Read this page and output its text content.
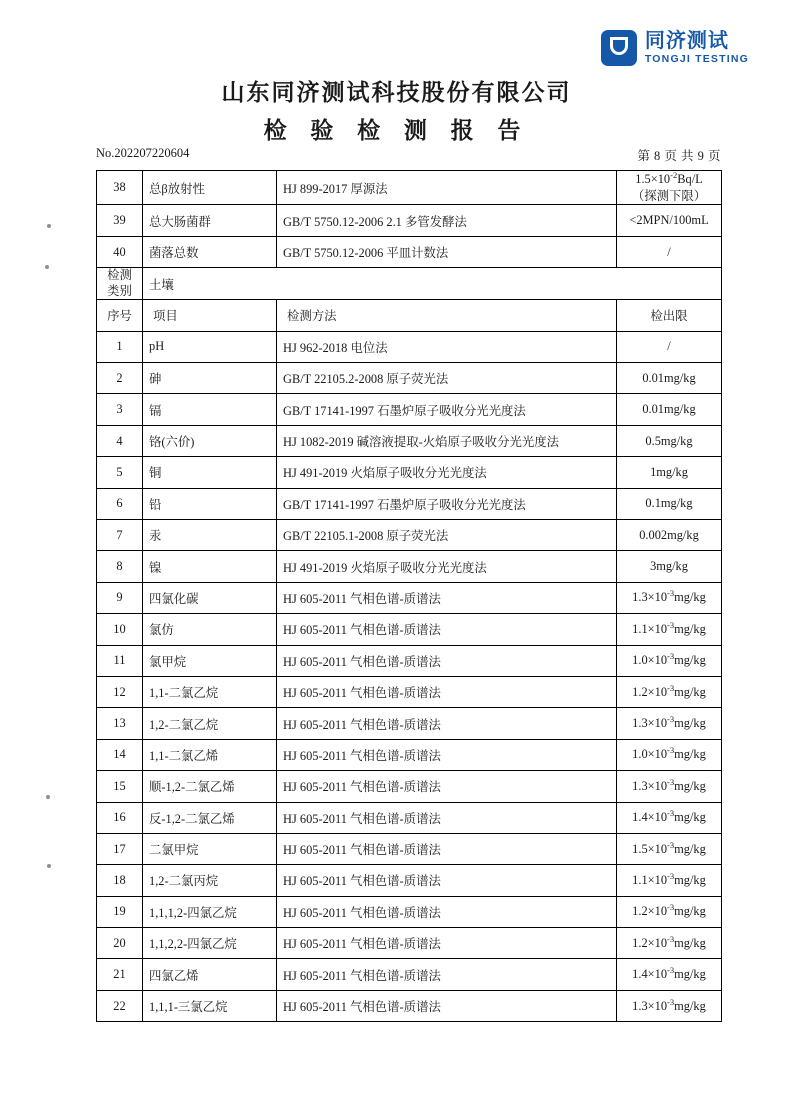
同济测试
TONGJI TESTING
山东同济测试科技股份有限公司
检 验 检 测 报 告
No.202207220604	第 8 页 共 9 页
38	总β放射性	HJ 899-2017 厚源法	$1.5\times 10^{-2}Bq/L$
（探测下限）
39	总大肠菌群	GB/T 5750.12-2006 2.1 多管发酵法	<2MPN/100mL
40	菌落总数	GB/T 5750.12-2006 平皿计数法	/
检测
类别	土壤		
序号	项目	检测方法	检出限
1	pH	HJ 962-2018 电位法	/
2	砷	GB/T 22105.2-2008 原子荧光法	0.01mg/kg
3	镉	GB/T 17141-1997 石墨炉原子吸收分光光度法	0.01mg/kg
4	铬(六价)	HJ 1082-2019 碱溶液提取-火焰原子吸收分光光度法	0.5mg/kg
5	铜	HJ 491-2019 火焰原子吸收分光光度法	1mg/kg
6	铅	GB/T 17141-1997 石墨炉原子吸收分光光度法	0.1mg/kg
7	汞	GB/T 22105.1-2008 原子荧光法	0.002mg/kg
8	镍	HJ 491-2019 火焰原子吸收分光光度法	3mg/kg
9	四氯化碳	HJ 605-2011 气相色谱-质谱法	$1.3\times 10^{-3}mg/kg$
10	氯仿	HJ 605-2011 气相色谱-质谱法	$1.1\times 10^{-3}mg/kg$
11	氯甲烷	HJ 605-2011 气相色谱-质谱法	$1.0\times 10^{-3}mg/kg$
12	1,1-二氯乙烷	HJ 605-2011 气相色谱-质谱法	$1.2\times 10^{-3}mg/kg$
13	1,2-二氯乙烷	HJ 605-2011 气相色谱-质谱法	$1.3\times 10^{-3}mg/kg$
14	1,1-二氯乙烯	HJ 605-2011 气相色谱-质谱法	$1.0\times 10^{-3}mg/kg$
15	顺-1,2-二氯乙烯	HJ 605-2011 气相色谱-质谱法	$1.3\times 10^{-3}mg/kg$
16	反-1,2-二氯乙烯	HJ 605-2011 气相色谱-质谱法	$1.4\times 10^{-3}mg/kg$
17	二氯甲烷	HJ 605-2011 气相色谱-质谱法	$1.5\times 10^{-3}mg/kg$
18	1,2-二氯丙烷	HJ 605-2011 气相色谱-质谱法	$1.1\times 10^{-3}mg/kg$
19	1,1,1,2-四氯乙烷	HJ 605-2011 气相色谱-质谱法	$1.2\times 10^{-3}mg/kg$
20	1,1,2,2-四氯乙烷	HJ 605-2011 气相色谱-质谱法	$1.2\times 10^{-3}mg/kg$
21	四氯乙烯	HJ 605-2011 气相色谱-质谱法	$1.4\times 10^{-3}mg/kg$
22	1,1,1-三氯乙烷	HJ 605-2011 气相色谱-质谱法	$1.3\times 10^{-3}mg/kg$
